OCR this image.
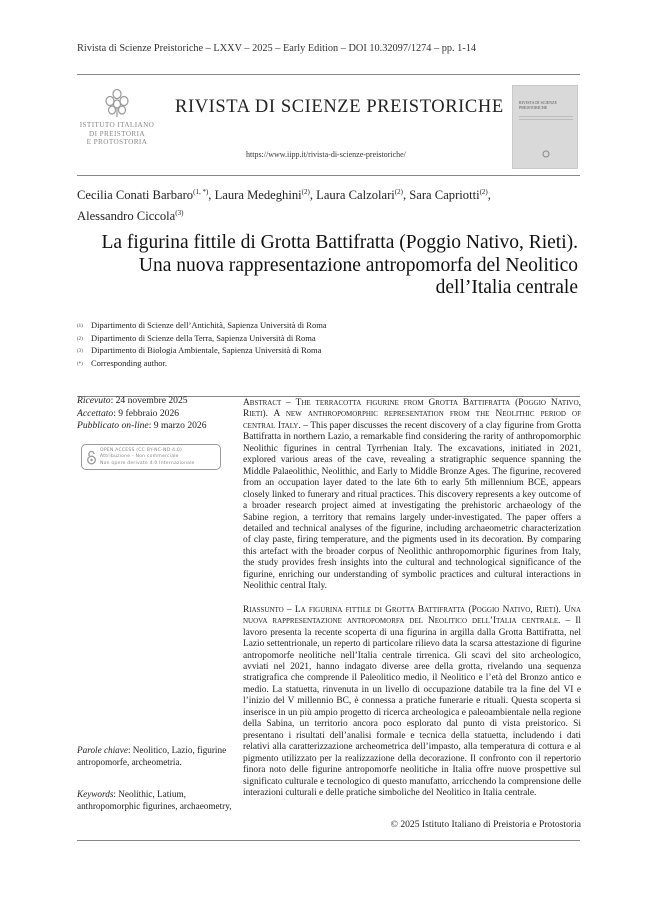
Rivista di Scienze Preistoriche – LXXV – 2025 – Early Edition – DOI 10.32097/1274 – pp. 1-14
ISTITUTO ITALIANO
DI PREISTORIA
E PROTOSTORIA
RIVISTA DI SCIENZE PREISTORICHE
https://www.iipp.it/rivista-di-scienze-preistoriche/
RIVISTA DI SCIENZE PREISTORICHE
Cecilia Conati Barbaro$^{(1, *)}$, Laura Medeghini$^{(2)}$, Laura Calzolari$^{(2)}$, Sara Capriotti$^{(2)}$,
Alessandro Ciccola$^{(3)}$
La figurina fittile di Grotta Battifratta (Poggio Nativo, Rieti).
Una nuova rappresentazione antropomorfa del Neolitico
dell’Italia centrale
(1) Dipartimento di Scienze dell’Antichità, Sapienza Università di Roma
(2) Dipartimento di Scienze della Terra, Sapienza Università di Roma
(3) Dipartimento di Biologia Ambientale, Sapienza Università di Roma
(*) Corresponding author.
Ricevuto: 24 novembre 2025
Accettato: 9 febbraio 2026
Pubblicato on-line: 9 marzo 2026
OPEN ACCESS (CC BY-NC-ND 4.0)
Attribuzione - Non commerciale
Non opere derivate 4.0 Internazionale
Parole chiave: Neolitico, Lazio, figurine antropomorfe, archeometria.
Keywords: Neolithic, Latium, anthropomorphic figurines, archaeometry,

Abstract – The terracotta figurine from Grotta Battifratta (Poggio Nativo, Rieti). A new anthropomorphic representation from the Neolithic period of central Italy. – This paper discusses the recent discovery of a clay figurine from Grotta Battifratta in northern Lazio, a remarkable find considering the rarity of anthropomorphic Neolithic figurines in central Tyrrhenian Italy. The excavations, initiated in 2021, explored various areas of the cave, revealing a stratigraphic sequence spanning the Middle Palaeolithic, Neolithic, and Early to Middle Bronze Ages. The figurine, recovered from an occupation layer dated to the late 6th to early 5th millennium BCE, appears closely linked to funerary and ritual practices. This discovery represents a key outcome of a broader research project aimed at investigating the prehistoric archaeology of the Sabine region, a territory that remains largely under-investigated. The paper offers a detailed and technical analyses of the figurine, including archaeometric characterization of clay paste, firing temperature, and the pigments used in its decoration. By comparing this artefact with the broader corpus of Neolithic anthropomorphic figurines from Italy, the study provides fresh insights into the cultural and technological significance of the figurine, enriching our understanding of symbolic practices and cultural interactions in Neolithic central Italy.

Riassunto – La figurina fittile di Grotta Battifratta (Poggio Nativo, Rieti). Una nuova rappresentazione antropomorfa del Neolitico dell’Italia centrale. – Il lavoro presenta la recente scoperta di una figurina in argilla dalla Grotta Battifratta, nel Lazio settentrionale, un reperto di particolare rilievo data la scarsa attestazione di figurine antropomorfe neolitiche nell’Italia centrale tirrenica. Gli scavi del sito archeologico, avviati nel 2021, hanno indagato diverse aree della grotta, rivelando una sequenza stratigrafica che comprende il Paleolitico medio, il Neolitico e l’età del Bronzo antico e medio. La statuetta, rinvenuta in un livello di occupazione databile tra la fine del VI e l’inizio del V millennio BC, è connessa a pratiche funerarie e rituali. Questa scoperta si inserisce in un più ampio progetto di ricerca archeologica e paleoambientale nella regione della Sabina, un territorio ancora poco esplorato dal punto di vista preistorico. Si presentano i risultati dell’analisi formale e tecnica della statuetta, includendo i dati relativi alla caratterizzazione archeometrica dell’impasto, alla temperatura di cottura e al pigmento utilizzato per la realizzazione della decorazione. Il confronto con il repertorio finora noto delle figurine antropomorfe neolitiche in Italia offre nuove prospettive sul significato culturale e tecnologico di questo manufatto, arricchendo la comprensione delle interazioni culturali e delle pratiche simboliche del Neolitico in Italia centrale.

© 2025 Istituto Italiano di Preistoria e Protostoria
